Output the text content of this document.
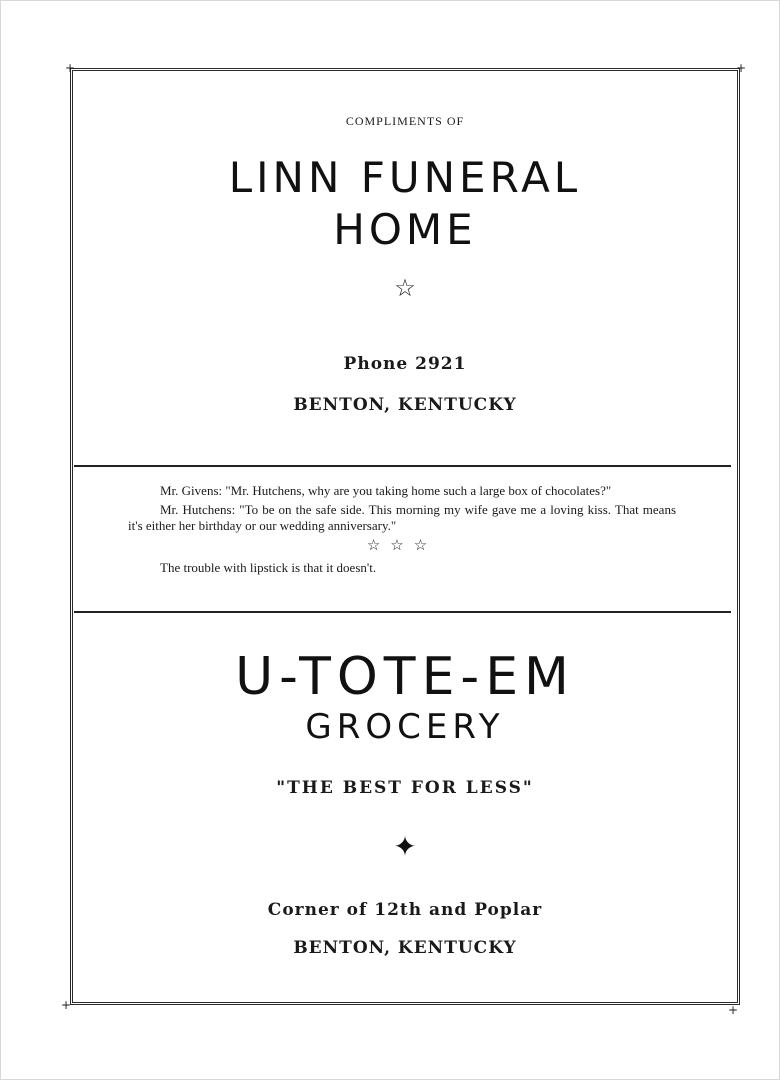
+	+
+	+
COMPLIMENTS OF
LINN FUNERAL
HOME
☆
Phone 2921
BENTON, KENTUCKY

Mr. Givens: "Mr. Hutchens, why are you taking home such a large box of chocolates?"

Mr. Hutchens: "To be on the safe side. This morning my wife gave me a loving kiss. That means it's either her birthday or our wedding anniversary."

☆☆☆

The trouble with lipstick is that it doesn't.

U-TOTE-EM
GROCERY
"THE BEST FOR LESS"
✦
Corner of 12th and Poplar
BENTON, KENTUCKY
